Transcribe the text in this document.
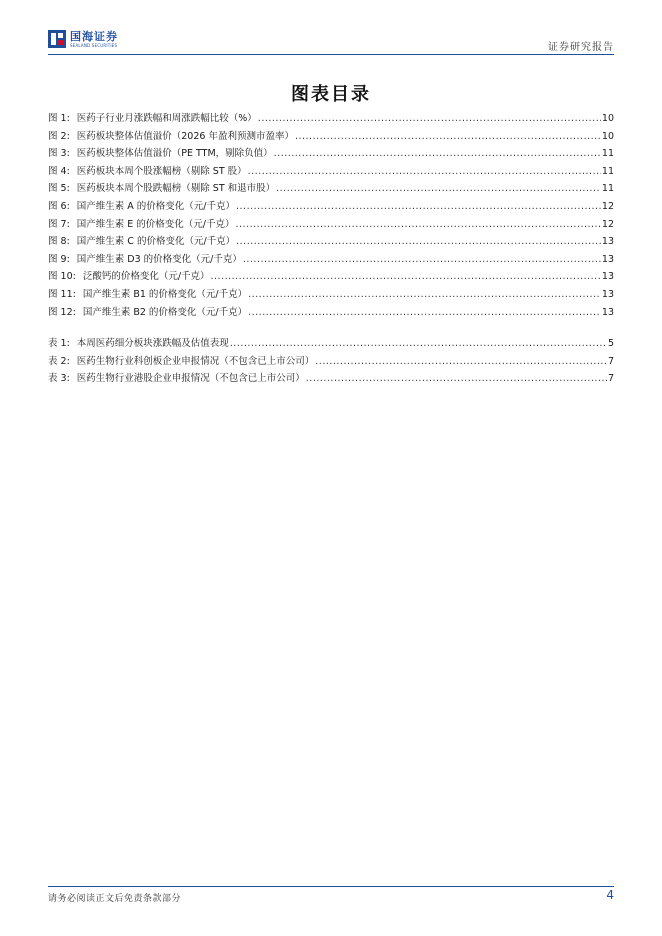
国海证券
SEALAND SECURITIES	证券研究报告
图表目录
图 1: 医药子行业月涨跌幅和周涨跌幅比较（%） .....	10
图 2: 医药板块整体估值溢价（2026 年盈利预测市盈率） .....	10
图 3: 医药板块整体估值溢价（PE TTM，剔除负值） .....	11
图 4: 医药板块本周个股涨幅榜（剔除 ST 股） .....	11
图 5: 医药板块本周个股跌幅榜（剔除 ST 和退市股） .....	11
图 6: 国产维生素 A 的价格变化（元/千克） .....	12
图 7: 国产维生素 E 的价格变化（元/千克） .....	12
图 8: 国产维生素 C 的价格变化（元/千克） .....	13
图 9: 国产维生素 D3 的价格变化（元/千克） .....	13
图 10: 泛酸钙的价格变化（元/千克） .....	13
图 11: 国产维生素 B1 的价格变化（元/千克） .....	13
图 12: 国产维生素 B2 的价格变化（元/千克） .....	13
表 1: 本周医药细分板块涨跌幅及估值表现 .....	5
表 2: 医药生物行业科创板企业申报情况（不包含已上市公司） .....	7
表 3: 医药生物行业港股企业申报情况（不包含已上市公司） .....	7
请务必阅读正文后免责条款部分	4
